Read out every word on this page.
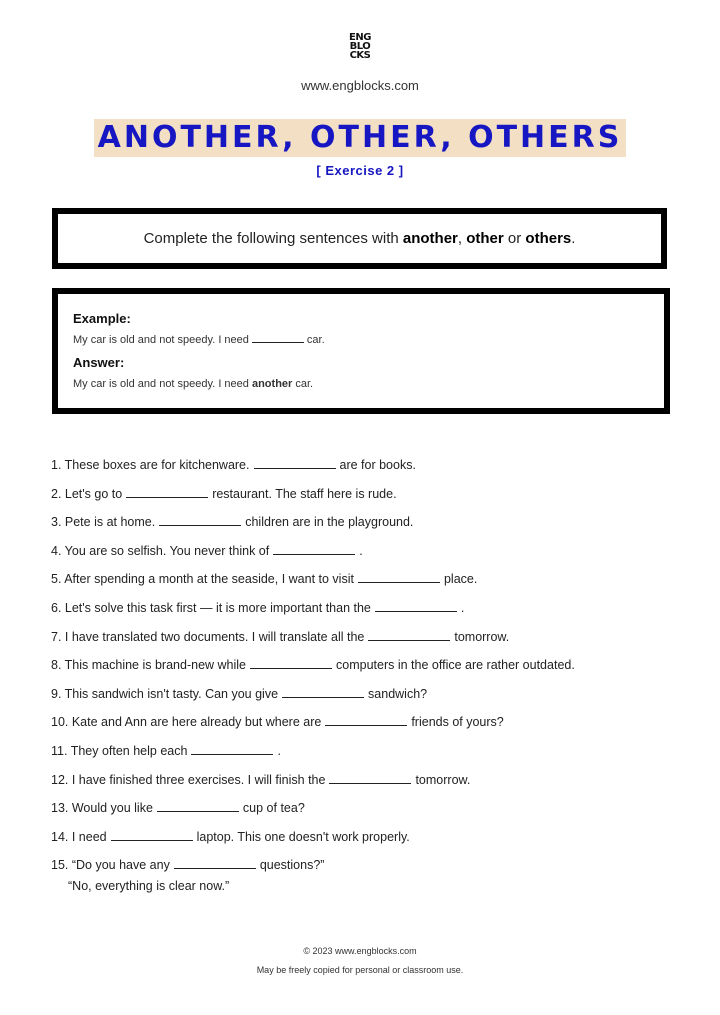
ENG
BLO
CKS
www.engblocks.com
ANOTHER, OTHER, OTHERS
[ Exercise 2 ]
Complete the following sentences with another, other or others.
Example:
My car is old and not speedy. I need	car.
Answer:
My car is old and not speedy. I need another car.
1. These boxes are for kitchenware.	are for books.
2. Let's go to	restaurant. The staff here is rude.
3. Pete is at home.	children are in the playground.
4. You are so selfish. You never think of	.
5. After spending a month at the seaside, I want to visit	place.
6. Let's solve this task first — it is more important than the	.
7. I have translated two documents. I will translate all the	tomorrow.
8. This machine is brand-new while	computers in the office are rather outdated.
9. This sandwich isn't tasty. Can you give	sandwich?
10. Kate and Ann are here already but where are	friends of yours?
11. They often help each	.
12. I have finished three exercises. I will finish the	tomorrow.
13. Would you like	cup of tea?
14. I need	laptop. This one doesn't work properly.
15. “Do you have any	questions?”
“No, everything is clear now.”
© 2023 www.engblocks.com
May be freely copied for personal or classroom use.
